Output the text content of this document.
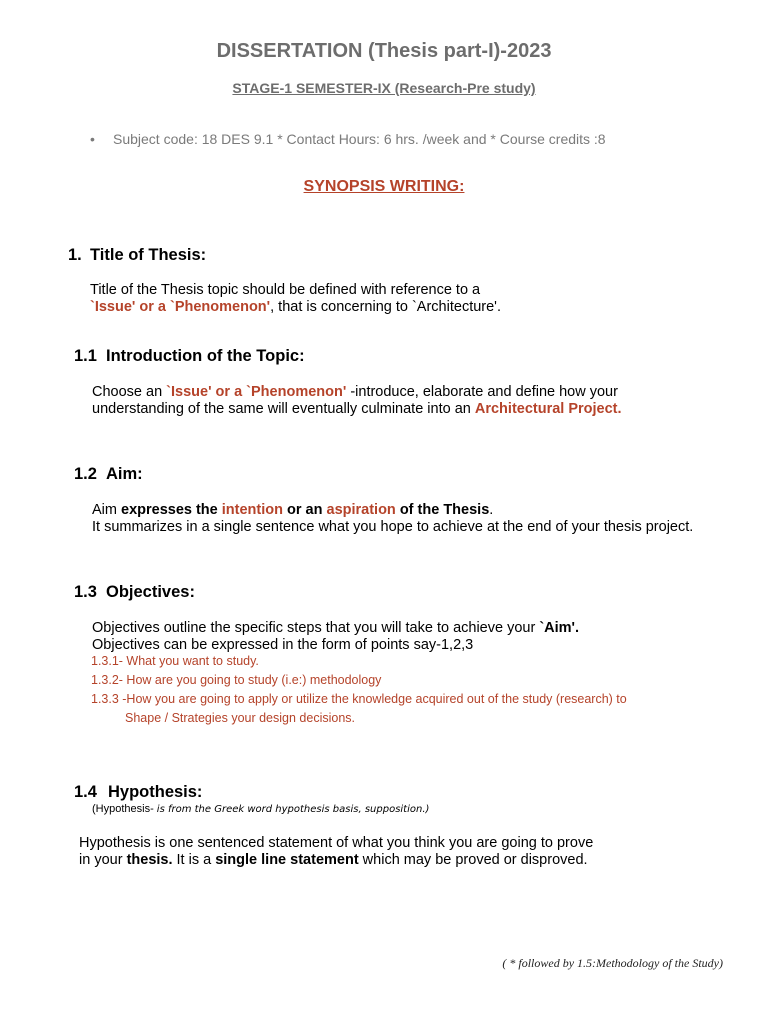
DISSERTATION (Thesis part-I)-2023
STAGE-1 SEMESTER-IX (Research-Pre study)
• Subject code: 18 DES 9.1 * Contact Hours: 6 hrs. /week and * Course credits :8
SYNOPSIS WRITING:
1. Title of Thesis:
Title of the Thesis topic should be defined with reference to a
`Issue' or a `Phenomenon', that is concerning to `Architecture'.
1.1 Introduction of the Topic:
Choose an `Issue' or a `Phenomenon' -introduce, elaborate and define how your
understanding of the same will eventually culminate into an Architectural Project.
1.2 Aim:
Aim expresses the intention or an aspiration of the Thesis.
It summarizes in a single sentence what you hope to achieve at the end of your thesis project.
1.3 Objectives:
Objectives outline the specific steps that you will take to achieve your `Aim'.
Objectives can be expressed in the form of points say-1,2,3
1.3.1- What you want to study.
1.3.2- How are you going to study (i.e:) methodology
1.3.3 -How you are going to apply or utilize the knowledge acquired out of the study (research) to
Shape / Strategies your design decisions.
1.4 Hypothesis:
(Hypothesis- is from the Greek word hypothesis basis, supposition.)
Hypothesis is one sentenced statement of what you think you are going to prove
in your thesis. It is a single line statement which may be proved or disproved.
( * followed by 1.5:Methodology of the Study)
